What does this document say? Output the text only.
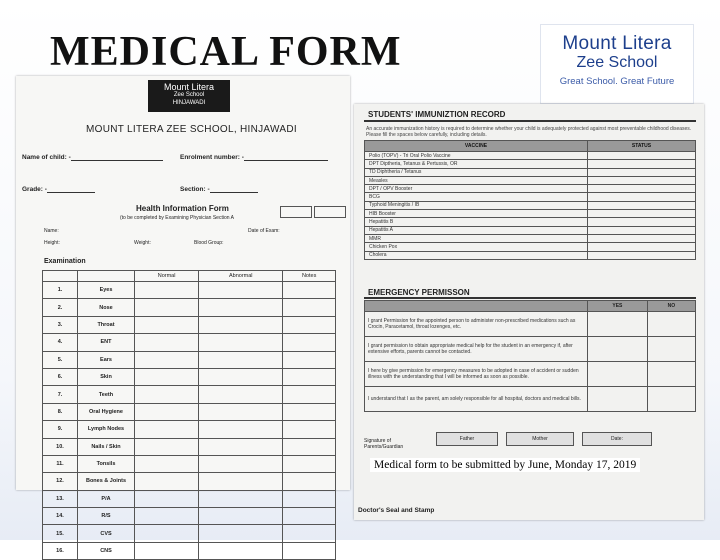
MEDICAL FORM	Mount Litera
Zee School
Great School. Great Future
Mount Litera
Zee School
HINJAWADI
MOUNT LITERA ZEE SCHOOL, HINJAWADI
Name of child: -	Enrolment number: -
Grade: -	Section: -
Health Information Form
(to be completed by Examining Physician Section A
Name:	Date of Exam:
Height:	Weight:	Blood Group:
Examination
		Normal	Abnormal	Notes
1.	Eyes			
2.	Nose			
3.	Throat			
4.	ENT			
5.	Ears			
6.	Skin			
7.	Teeth			
8.	Oral Hygiene			
9.	Lymph Nodes			
10.	Nails / Skin			
11.	Tonsils			
12.	Bones & Joints			
13.	P/A			
14.	R/S			
15.	CVS			
16.	CNS			
STUDENTS' IMMUNIZTION RECORD
An accurate immunization history is required to determine whether your child is adequately protected against most preventable childhood diseases. Please fill the spaces below carefully, including details.
VACCINE	STATUS
Polio (TOPV) - Tri Oral Polio Vaccine	
DPT Diptheria, Tetanus & Pertussis, OR	
TD Diphtheria / Tetanus	
Measles	
DPT / OPV Booster	
BCG	
Typhoid Meningitis / IB	
HIB Booster	
Hepatitis B	
Hepatitis A	
MMR	
Chicken Pox	
Cholera	
EMERGENCY PERMISSON
	YES	NO
I grant Permission for the appointed person to administer non-prescribed medications such as Crocin, Paracetamol, throat lozenges, etc.		
I grant permission to obtain appropriate medical help for the student in an emergency if, after extensive efforts, parents cannot be contacted.		
I here by give permission for emergency measures to be adopted in case of accident or sudden illness with the understanding that I will be informed as soon as possible.		
I understand that I as the parent, am solely responsible for all hospital, doctors and medical bills.		
Signature of Parents/Guardian
Father	Mother	Date:
Medical form to be submitted by June, Monday 17, 2019
Doctor's Seal and Stamp
